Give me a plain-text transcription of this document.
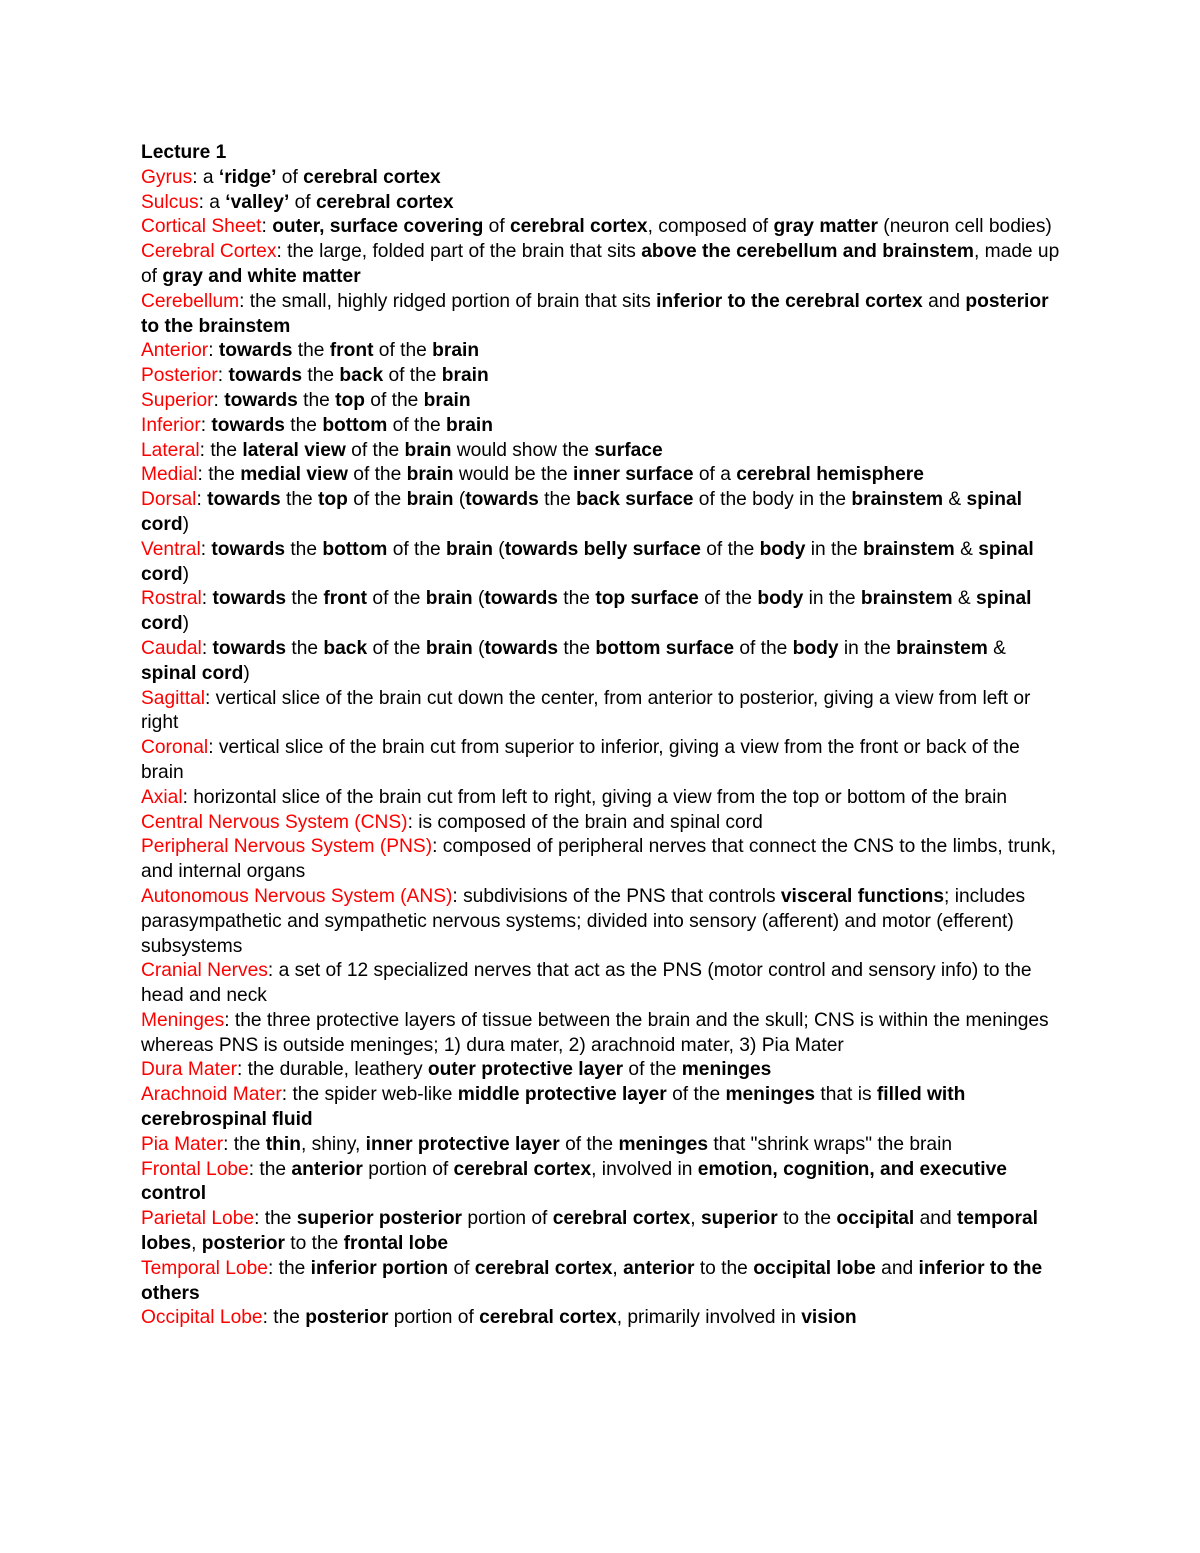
Lecture 1

Gyrus: a ‘ridge’ of cerebral cortex

Sulcus: a ‘valley’ of cerebral cortex

Cortical Sheet: outer, surface covering of cerebral cortex, composed of gray matter (neuron cell bodies)

Cerebral Cortex: the large, folded part of the brain that sits above the cerebellum and brainstem, made up of gray and white matter

Cerebellum: the small, highly ridged portion of brain that sits inferior to the cerebral cortex and posterior to the brainstem

Anterior: towards the front of the brain

Posterior: towards the back of the brain

Superior: towards the top of the brain

Inferior: towards the bottom of the brain

Lateral: the lateral view of the brain would show the surface

Medial: the medial view of the brain would be the inner surface of a cerebral hemisphere

Dorsal: towards the top of the brain (towards the back surface of the body in the brainstem & spinal cord)

Ventral: towards the bottom of the brain (towards belly surface of the body in the brainstem & spinal cord)

Rostral: towards the front of the brain (towards the top surface of the body in the brainstem & spinal cord)

Caudal: towards the back of the brain (towards the bottom surface of the body in the brainstem & spinal cord)

Sagittal: vertical slice of the brain cut down the center, from anterior to posterior, giving a view from left or right

Coronal: vertical slice of the brain cut from superior to inferior, giving a view from the front or back of the brain

Axial: horizontal slice of the brain cut from left to right, giving a view from the top or bottom of the brain

Central Nervous System (CNS): is composed of the brain and spinal cord

Peripheral Nervous System (PNS): composed of peripheral nerves that connect the CNS to the limbs, trunk, and internal organs

Autonomous Nervous System (ANS): subdivisions of the PNS that controls visceral functions; includes parasympathetic and sympathetic nervous systems; divided into sensory (afferent) and motor (efferent) subsystems

Cranial Nerves: a set of 12 specialized nerves that act as the PNS (motor control and sensory info) to the head and neck

Meninges: the three protective layers of tissue between the brain and the skull; CNS is within the meninges whereas PNS is outside meninges; 1) dura mater, 2) arachnoid mater, 3) Pia Mater

Dura Mater: the durable, leathery outer protective layer of the meninges

Arachnoid Mater: the spider web-like middle protective layer of the meninges that is filled with cerebrospinal fluid

Pia Mater: the thin, shiny, inner protective layer of the meninges that "shrink wraps" the brain

Frontal Lobe: the anterior portion of cerebral cortex, involved in emotion, cognition, and executive control

Parietal Lobe: the superior posterior portion of cerebral cortex, superior to the occipital and temporal lobes, posterior to the frontal lobe

Temporal Lobe: the inferior portion of cerebral cortex, anterior to the occipital lobe and inferior to the others

Occipital Lobe: the posterior portion of cerebral cortex, primarily involved in vision
